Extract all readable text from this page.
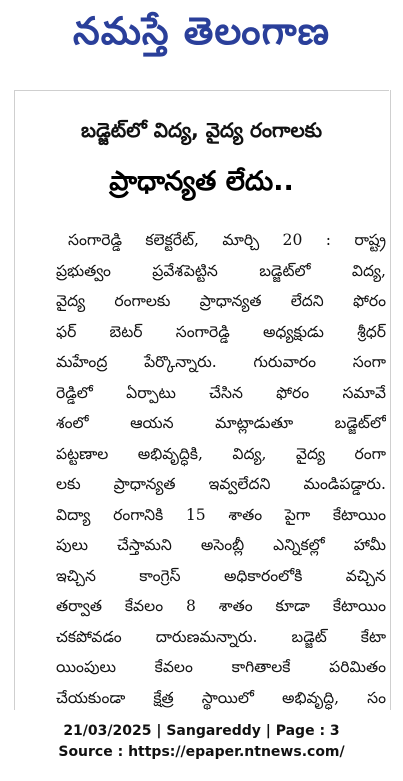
నమస్తే తెలంగాణ
బడ్జెట్‌లో విద్య, వైద్య రంగాలకు
ప్రాధాన్యత లేదు..
సంగారెడ్డి కలెక్టరేట్, మార్చి 20 : రాష్ట్ర
ప్రభుత్వం ప్రవేశపెట్టిన బడ్జెట్‌లో విద్య,
వైద్య రంగాలకు ప్రాధాన్యత లేదని ఫోరం
ఫర్ బెటర్ సంగారెడ్డి అధ్యక్షుడు శ్రీధర్
మహేంద్ర పేర్కొన్నారు. గురువారం సంగా
రెడ్డిలో ఏర్పాటు చేసిన ఫోరం సమావే
శంలో ఆయన మాట్లాడుతూ బడ్జెట్‌లో
పట్టణాల అభివృద్ధికి, విద్య, వైద్య రంగా
లకు ప్రాధాన్యత ఇవ్వలేదని మండిపడ్డారు.
విద్యా రంగానికి 15 శాతం పైగా కేటాయిం
పులు చేస్తామని అసెంబ్లీ ఎన్నికల్లో హామీ
ఇచ్చిన కాంగ్రెస్ అధికారంలోకి వచ్చిన
తర్వాత కేవలం 8 శాతం కూడా కేటాయిం
చకపోవడం దారుణమన్నారు. బడ్జెట్ కేటా
యింపులు కేవలం కాగితాలకే పరిమితం
చేయకుండా క్షేత్ర స్థాయిలో అభివృద్ధి, సం
21/03/2025 | Sangareddy | Page : 3
Source : https://epaper.ntnews.com/
